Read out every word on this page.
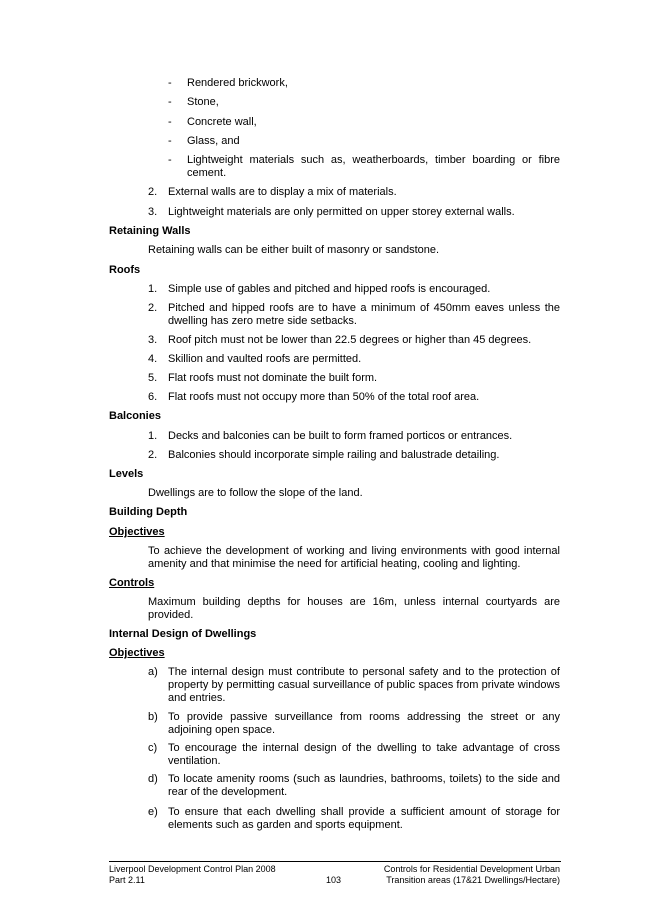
- Rendered brickwork,
- Stone,
- Concrete wall,
- Glass, and
- Lightweight materials such as, weatherboards, timber boarding or fibre cement.
2. External walls are to display a mix of materials.
3. Lightweight materials are only permitted on upper storey external walls.
Retaining Walls
Retaining walls can be either built of masonry or sandstone.
Roofs
1. Simple use of gables and pitched and hipped roofs is encouraged.
2. Pitched and hipped roofs are to have a minimum of 450mm eaves unless the dwelling has zero metre side setbacks.
3. Roof pitch must not be lower than 22.5 degrees or higher than 45 degrees.
4. Skillion and vaulted roofs are permitted.
5. Flat roofs must not dominate the built form.
6. Flat roofs must not occupy more than 50% of the total roof area.
Balconies
1. Decks and balconies can be built to form framed porticos or entrances.
2. Balconies should incorporate simple railing and balustrade detailing.
Levels
Dwellings are to follow the slope of the land.
Building Depth
Objectives
To achieve the development of working and living environments with good internal amenity and that minimise the need for artificial heating, cooling and lighting.
Controls
Maximum building depths for houses are 16m, unless internal courtyards are provided.
Internal Design of Dwellings
Objectives
a) The internal design must contribute to personal safety and to the protection of property by permitting casual surveillance of public spaces from private windows and entries.
b) To provide passive surveillance from rooms addressing the street or any adjoining open space.
c) To encourage the internal design of the dwelling to take advantage of cross ventilation.
d) To locate amenity rooms (such as laundries, bathrooms, toilets) to the side and rear of the development.
e) To ensure that each dwelling shall provide a sufficient amount of storage for elements such as garden and sports equipment.
Liverpool Development Control Plan 2008
Part 2.11	103
Controls for Residential Development Urban
Transition areas (17&21 Dwellings/Hectare)
